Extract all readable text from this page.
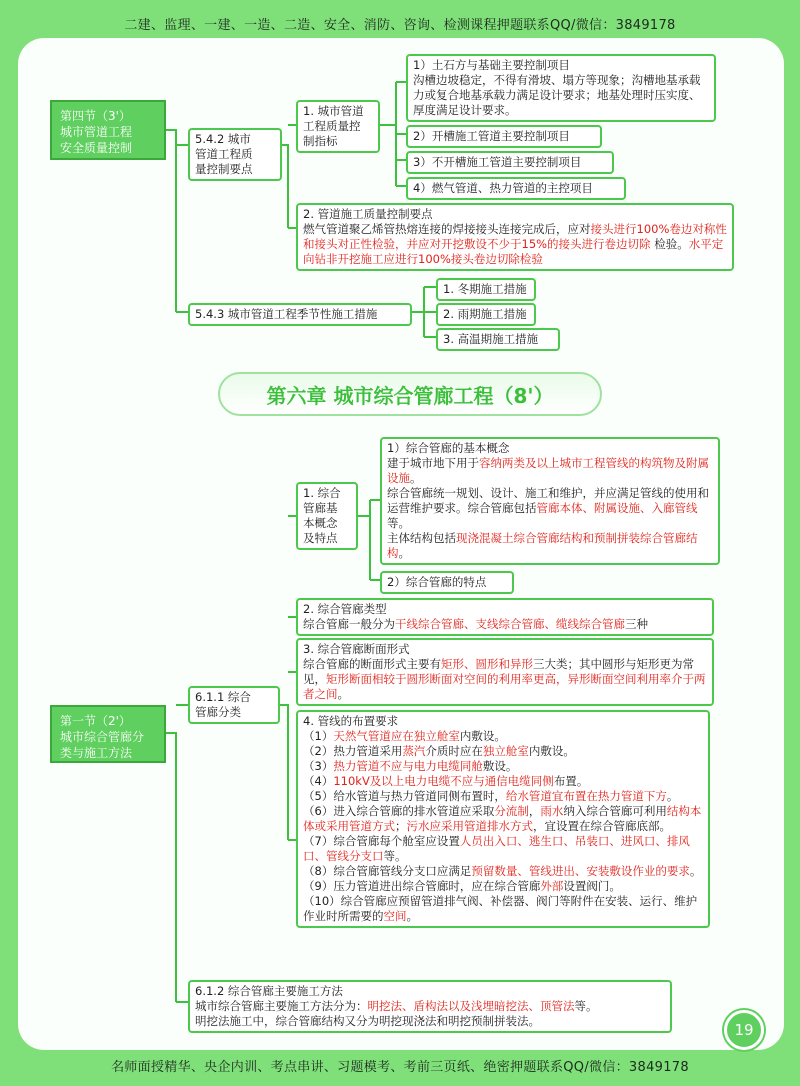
二建、监理、一建、一造、二造、安全、消防、咨询、检测课程押题联系QQ/微信：3849178

第四节（3'）

城市管道工程

安全质量控制

5.4.2 城市

管道工程质

量控制要点

1. 城市管道

工程质量控

制指标

1）土石方与基础主要控制项目

沟槽边坡稳定，不得有滑坡、塌方等现象；沟槽地基承载力或复合地基承载力满足设计要求；地基处理时压实度、厚度满足设计要求。

2）开槽施工管道主要控制项目
3）不开槽施工管道主要控制项目
4）燃气管道、热力管道的主控项目

2. 管道施工质量控制要点

燃气管道聚乙烯管热熔连接的焊接接头连接完成后，应对接头进行100%卷边对称性和接头对正性检验，并应对开挖敷设不少于15%的接头进行卷边切除 检验。水平定向钻非开挖施工应进行100%接头卷边切除检验

5.4.3 城市管道工程季节性施工措施
1. 冬期施工措施
2. 雨期施工措施
3. 高温期施工措施
第六章 城市综合管廊工程（8'）

第一节（2'）

城市综合管廊分

类与施工方法

6.1.1 综合

管廊分类

1. 综合

管廊基

本概念

及特点

1）综合管廊的基本概念

建于城市地下用于容纳两类及以上城市工程管线的构筑物及附属设施。

综合管廊统一规划、设计、施工和维护，并应满足管线的使用和运营维护要求。综合管廊包括管廊本体、附属设施、入廊管线等。

主体结构包括现浇混凝土综合管廊结构和预制拼装综合管廊结构。

2）综合管廊的特点

2. 综合管廊类型

综合管廊一般分为干线综合管廊、支线综合管廊、缆线综合管廊三种

3. 综合管廊断面形式

综合管廊的断面形式主要有矩形、圆形和异形三大类；其中圆形与矩形更为常见，矩形断面相较于圆形断面对空间的利用率更高，异形断面空间利用率介于两者之间。

4. 管线的布置要求

（1）天然气管道应在独立舱室内敷设。

（2）热力管道采用蒸汽介质时应在独立舱室内敷设。

（3）热力管道不应与电力电缆同舱敷设。

（4）110kV及以上电力电缆不应与通信电缆同侧布置。

（5）给水管道与热力管道同侧布置时，给水管道宜布置在热力管道下方。

（6）进入综合管廊的排水管道应采取分流制，雨水纳入综合管廊可利用结构本体或采用管道方式；污水应采用管道排水方式，宜设置在综合管廊底部。

（7）综合管廊每个舱室应设置人员出入口、逃生口、吊装口、进风口、排风口、管线分支口等。

（8）综合管廊管线分支口应满足预留数量、管线进出、安装敷设作业的要求。

（9）压力管道进出综合管廊时，应在综合管廊外部设置阀门。

（10）综合管廊应预留管道排气阀、补偿器、阀门等附件在安装、运行、维护作业时所需要的空间。

6.1.2 综合管廊主要施工方法

城市综合管廊主要施工方法分为：明挖法、盾构法以及浅埋暗挖法、顶管法等。

明挖法施工中，综合管廊结构又分为明挖现浇法和明挖预制拼装法。	19
名师面授精华、央企内训、考点串讲、习题模考、考前三页纸、绝密押题联系QQ/微信：3849178
